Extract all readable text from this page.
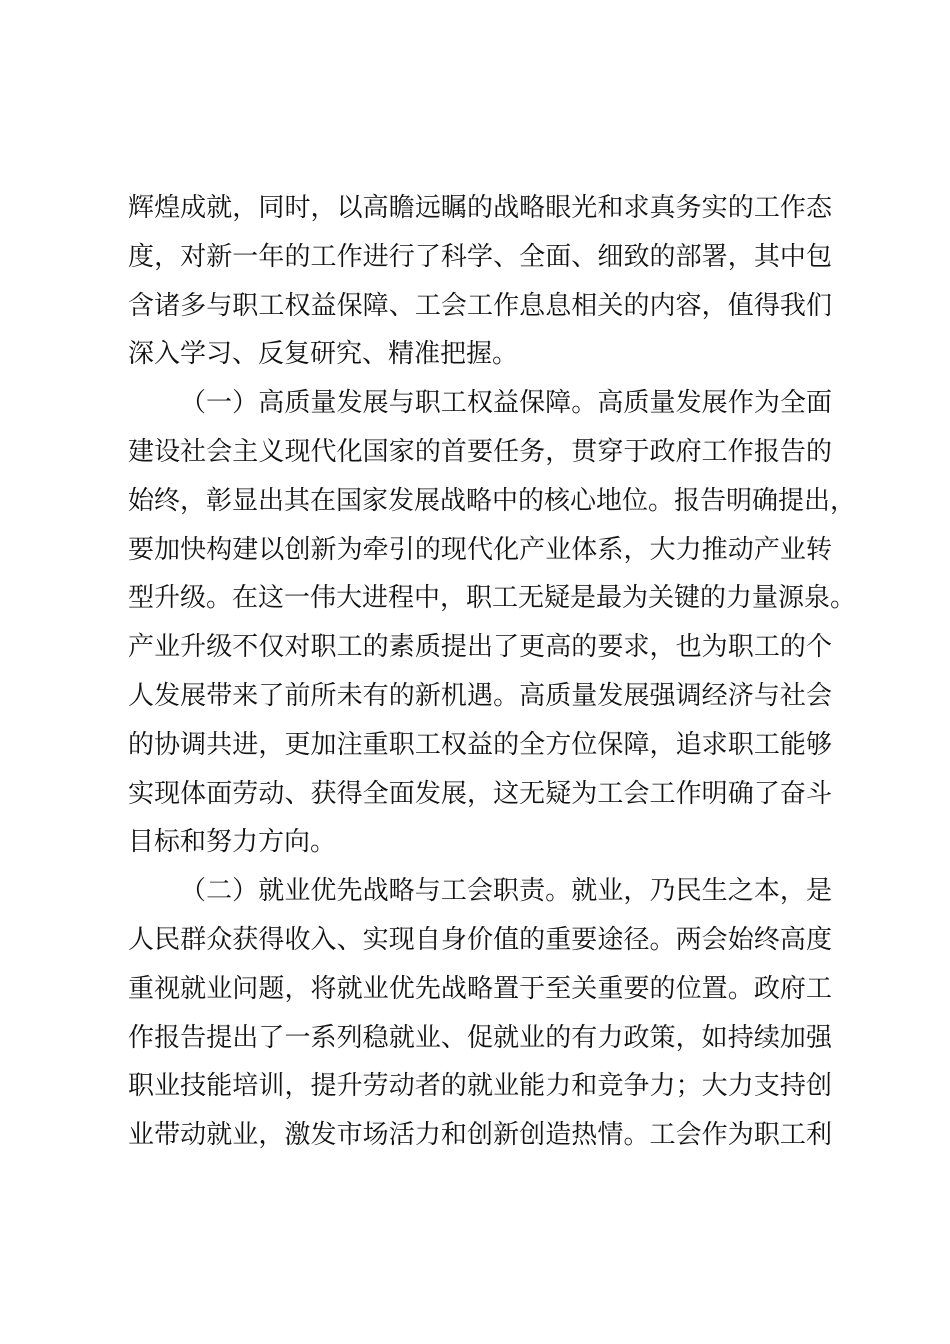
辉煌成就，同时，以高瞻远瞩的战略眼光和求真务实的工作态
度，对新一年的工作进行了科学、全面、细致的部署，其中包
含诸多与职工权益保障、工会工作息息相关的内容，值得我们
深入学习、反复研究、精准把握。
（一）高质量发展与职工权益保障。高质量发展作为全面
建设社会主义现代化国家的首要任务，贯穿于政府工作报告的
始终，彰显出其在国家发展战略中的核心地位。报告明确提出，
要加快构建以创新为牵引的现代化产业体系，大力推动产业转
型升级。在这一伟大进程中，职工无疑是最为关键的力量源泉。
产业升级不仅对职工的素质提出了更高的要求，也为职工的个
人发展带来了前所未有的新机遇。高质量发展强调经济与社会
的协调共进，更加注重职工权益的全方位保障，追求职工能够
实现体面劳动、获得全面发展，这无疑为工会工作明确了奋斗
目标和努力方向。
（二）就业优先战略与工会职责。就业，乃民生之本，是
人民群众获得收入、实现自身价值的重要途径。两会始终高度
重视就业问题，将就业优先战略置于至关重要的位置。政府工
作报告提出了一系列稳就业、促就业的有力政策，如持续加强
职业技能培训，提升劳动者的就业能力和竞争力；大力支持创
业带动就业，激发市场活力和创新创造热情。工会作为职工利
